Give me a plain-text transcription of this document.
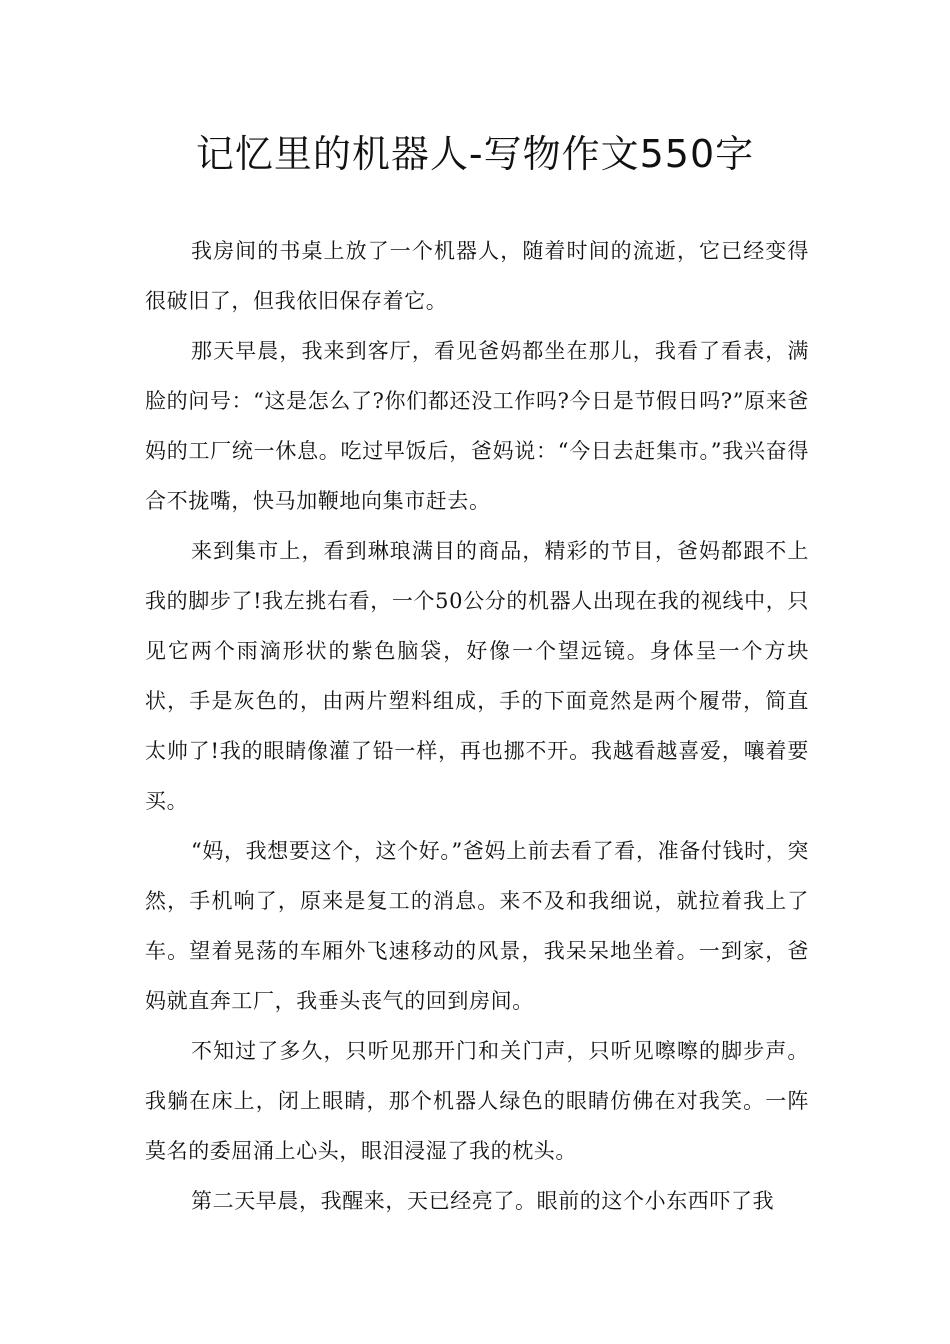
记忆里的机器人-写物作文550字

我房间的书桌上放了一个机器人，随着时间的流逝，它已经变得很破旧了，但我依旧保存着它。

那天早晨，我来到客厅，看见爸妈都坐在那儿，我看了看表，满脸的问号：“这是怎么了?你们都还没工作吗?今日是节假日吗?”原来爸妈的工厂统一休息。吃过早饭后，爸妈说：“今日去赶集市。”我兴奋得合不拢嘴，快马加鞭地向集市赶去。

来到集市上，看到琳琅满目的商品，精彩的节目，爸妈都跟不上我的脚步了!我左挑右看，一个50公分的机器人出现在我的视线中，只见它两个雨滴形状的紫色脑袋，好像一个望远镜。身体呈一个方块状，手是灰色的，由两片塑料组成，手的下面竟然是两个履带，简直太帅了!我的眼睛像灌了铅一样，再也挪不开。我越看越喜爱，嚷着要买。

“妈，我想要这个，这个好。”爸妈上前去看了看，准备付钱时，突然，手机响了，原来是复工的消息。来不及和我细说，就拉着我上了车。望着晃荡的车厢外飞速移动的风景，我呆呆地坐着。一到家，爸妈就直奔工厂，我垂头丧气的回到房间。

不知过了多久，只听见那开门和关门声，只听见嚓嚓的脚步声。我躺在床上，闭上眼睛，那个机器人绿色的眼睛仿佛在对我笑。一阵莫名的委屈涌上心头，眼泪浸湿了我的枕头。

第二天早晨，我醒来，天已经亮了。眼前的这个小东西吓了我
